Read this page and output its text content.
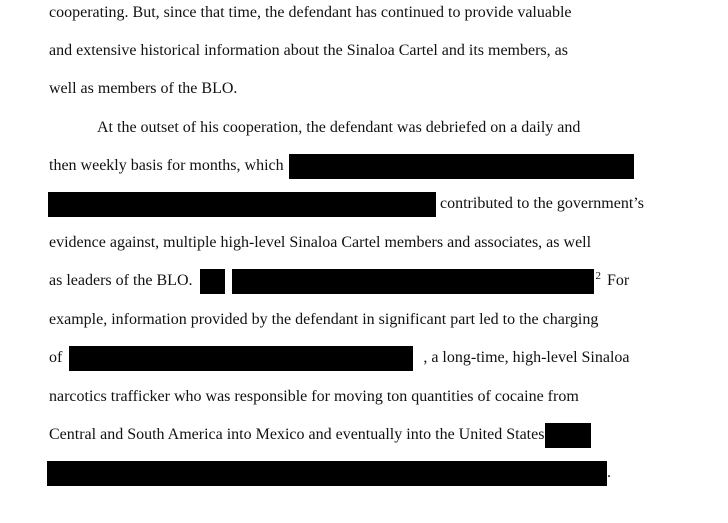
cooperating. But, since that time, the defendant has continued to provide valuable
and extensive historical information about the Sinaloa Cartel and its members, as
well as members of the BLO.
At the outset of his cooperation, the defendant was debriefed on a daily and
then weekly basis for months, which
contributed to the government’s
evidence against, multiple high-level Sinaloa Cartel members and associates, as well
as leaders of the BLO.	2 For
example, information provided by the defendant in significant part led to the charging
of	, a long-time, high-level Sinaloa
narcotics trafficker who was responsible for moving ton quantities of cocaine from
Central and South America into Mexico and eventually into the United States
.
